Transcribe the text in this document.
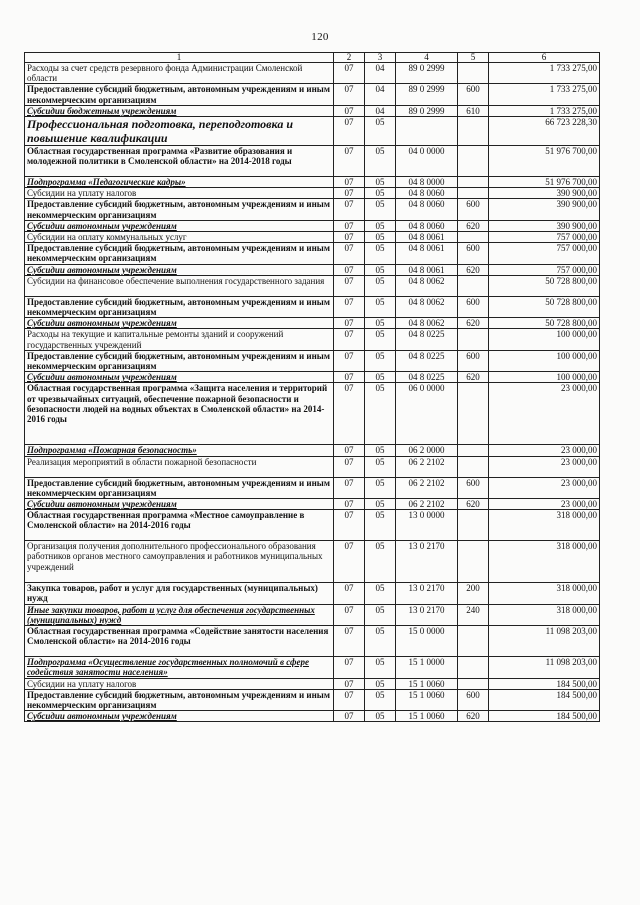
120
1	2	3	4	5	6
Расходы за счет средств резервного фонда Администрации Смоленской области	07	04	89 0 2999		1 733 275,00
Предоставление субсидий бюджетным, автономным учреждениям и иным некоммерческим организациям	07	04	89 0 2999	600	1 733 275,00
Субсидии бюджетным учреждениям	07	04	89 0 2999	610	1 733 275,00
Профессиональная подготовка, переподготовка и повышение квалификации	07	05			66 723 228,30
Областная государственная программа «Развитие образования и молодежной политики в Смоленской области» на 2014-2018 годы	07	05	04 0 0000		51 976 700,00
Подпрограмма «Педагогические кадры»	07	05	04 8 0000		51 976 700,00
Субсидии на уплату налогов	07	05	04 8 0060		390 900,00
Предоставление субсидий бюджетным, автономным учреждениям и иным некоммерческим организациям	07	05	04 8 0060	600	390 900,00
Субсидии автономным учреждениям	07	05	04 8 0060	620	390 900,00
Субсидии на оплату коммунальных услуг	07	05	04 8 0061		757 000,00
Предоставление субсидий бюджетным, автономным учреждениям и иным некоммерческим организациям	07	05	04 8 0061	600	757 000,00
Субсидии автономным учреждениям	07	05	04 8 0061	620	757 000,00
Субсидии на финансовое обеспечение выполнения государственного задания	07	05	04 8 0062		50 728 800,00
Предоставление субсидий бюджетным, автономным учреждениям и иным некоммерческим организациям	07	05	04 8 0062	600	50 728 800,00
Субсидии автономным учреждениям	07	05	04 8 0062	620	50 728 800,00
Расходы на текущие и капитальные ремонты зданий и сооружений государственных учреждений	07	05	04 8 0225		100 000,00
Предоставление субсидий бюджетным, автономным учреждениям и иным некоммерческим организациям	07	05	04 8 0225	600	100 000,00
Субсидии автономным учреждениям	07	05	04 8 0225	620	100 000,00
Областная государственная программа «Защита населения и территорий от чрезвычайных ситуаций, обеспечение пожарной безопасности и безопасности людей на водных объектах в Смоленской области» на 2014-2016 годы	07	05	06 0 0000		23 000,00
Подпрограмма «Пожарная безопасность»	07	05	06 2 0000		23 000,00
Реализация мероприятий в области пожарной безопасности	07	05	06 2 2102		23 000,00
Предоставление субсидий бюджетным, автономным учреждениям и иным некоммерческим организациям	07	05	06 2 2102	600	23 000,00
Субсидии автономным учреждениям	07	05	06 2 2102	620	23 000,00
Областная государственная программа «Местное самоуправление в Смоленской области» на 2014-2016 годы	07	05	13 0 0000		318 000,00
Организация получения дополнительного профессионального образования работников органов местного самоуправления и работников муниципальных учреждений	07	05	13 0 2170		318 000,00
Закупка товаров, работ и услуг для государственных (муниципальных) нужд	07	05	13 0 2170	200	318 000,00
Иные закупки товаров, работ и услуг для обеспечения государственных (муниципальных) нужд	07	05	13 0 2170	240	318 000,00
Областная государственная программа «Содействие занятости населения Смоленской области» на 2014-2016 годы	07	05	15 0 0000		11 098 203,00
Подпрограмма «Осуществление государственных полномочий в сфере содействия занятости населения»	07	05	15 1 0000		11 098 203,00
Субсидии на уплату налогов	07	05	15 1 0060		184 500,00
Предоставление субсидий бюджетным, автономным учреждениям и иным некоммерческим организациям	07	05	15 1 0060	600	184 500,00
Субсидии автономным учреждениям	07	05	15 1 0060	620	184 500,00
